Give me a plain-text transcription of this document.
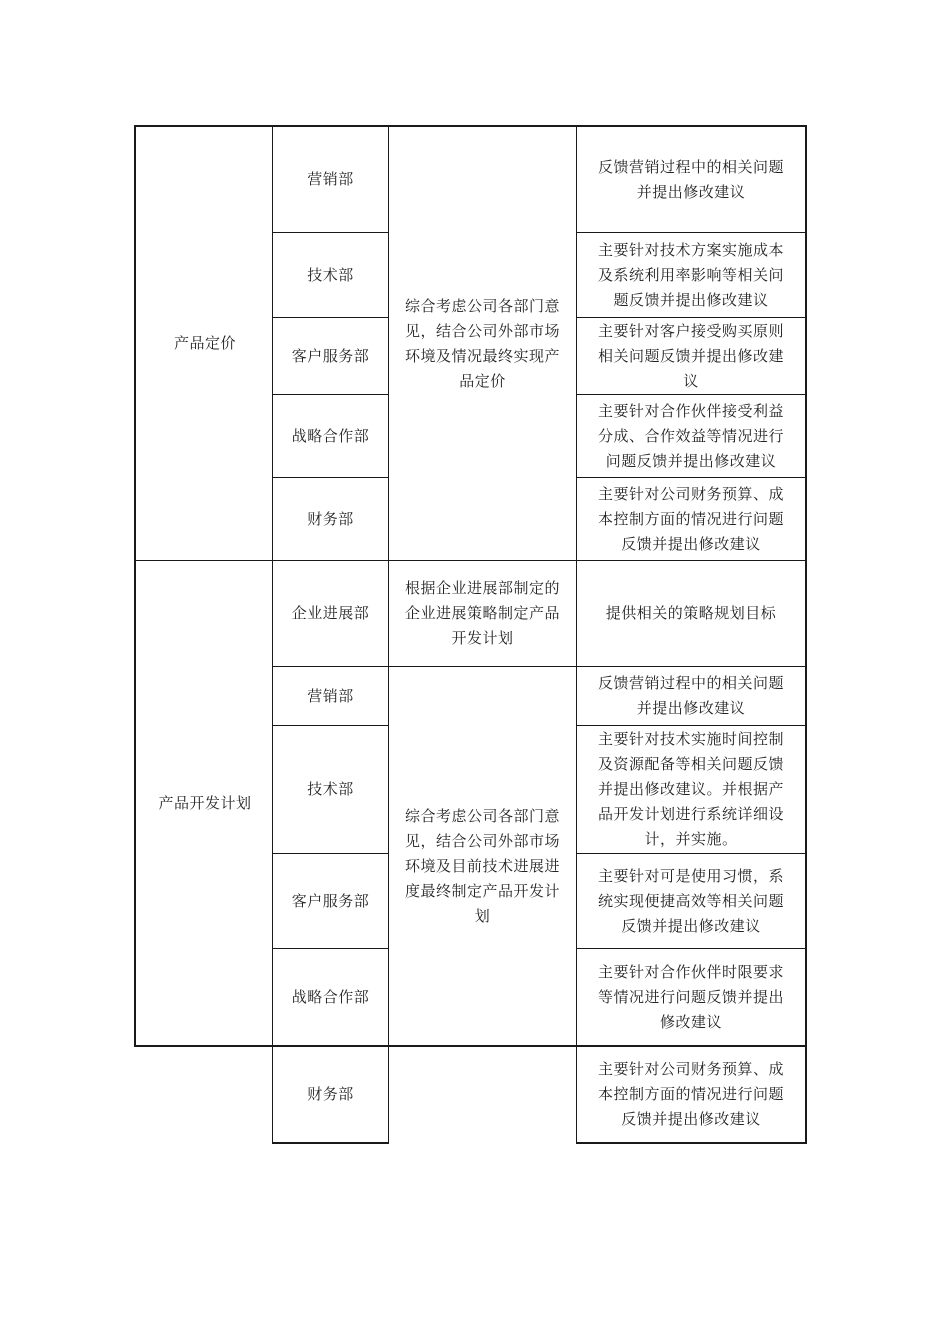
产品定价
产品开发计划
营销部
技术部
客户服务部
战略合作部
财务部
企业进展部
营销部
技术部
客户服务部
战略合作部
财务部
综合考虑公司各部门意
见，结合公司外部市场
环境及情况最终实现产
品定价
根据企业进展部制定的
企业进展策略制定产品
开发计划
综合考虑公司各部门意
见，结合公司外部市场
环境及目前技术进展进
度最终制定产品开发计
划
反馈营销过程中的相关问题
并提出修改建议
主要针对技术方案实施成本
及系统利用率影响等相关问
题反馈并提出修改建议
主要针对客户接受购买原则
相关问题反馈并提出修改建
议
主要针对合作伙伴接受利益
分成、合作效益等情况进行
问题反馈并提出修改建议
主要针对公司财务预算、成
本控制方面的情况进行问题
反馈并提出修改建议
提供相关的策略规划目标
反馈营销过程中的相关问题
并提出修改建议
主要针对技术实施时间控制
及资源配备等相关问题反馈
并提出修改建议。并根据产
品开发计划进行系统详细设
计，并实施。
主要针对可是使用习惯，系
统实现便捷高效等相关问题
反馈并提出修改建议
主要针对合作伙伴时限要求
等情况进行问题反馈并提出
修改建议
主要针对公司财务预算、成
本控制方面的情况进行问题
反馈并提出修改建议
